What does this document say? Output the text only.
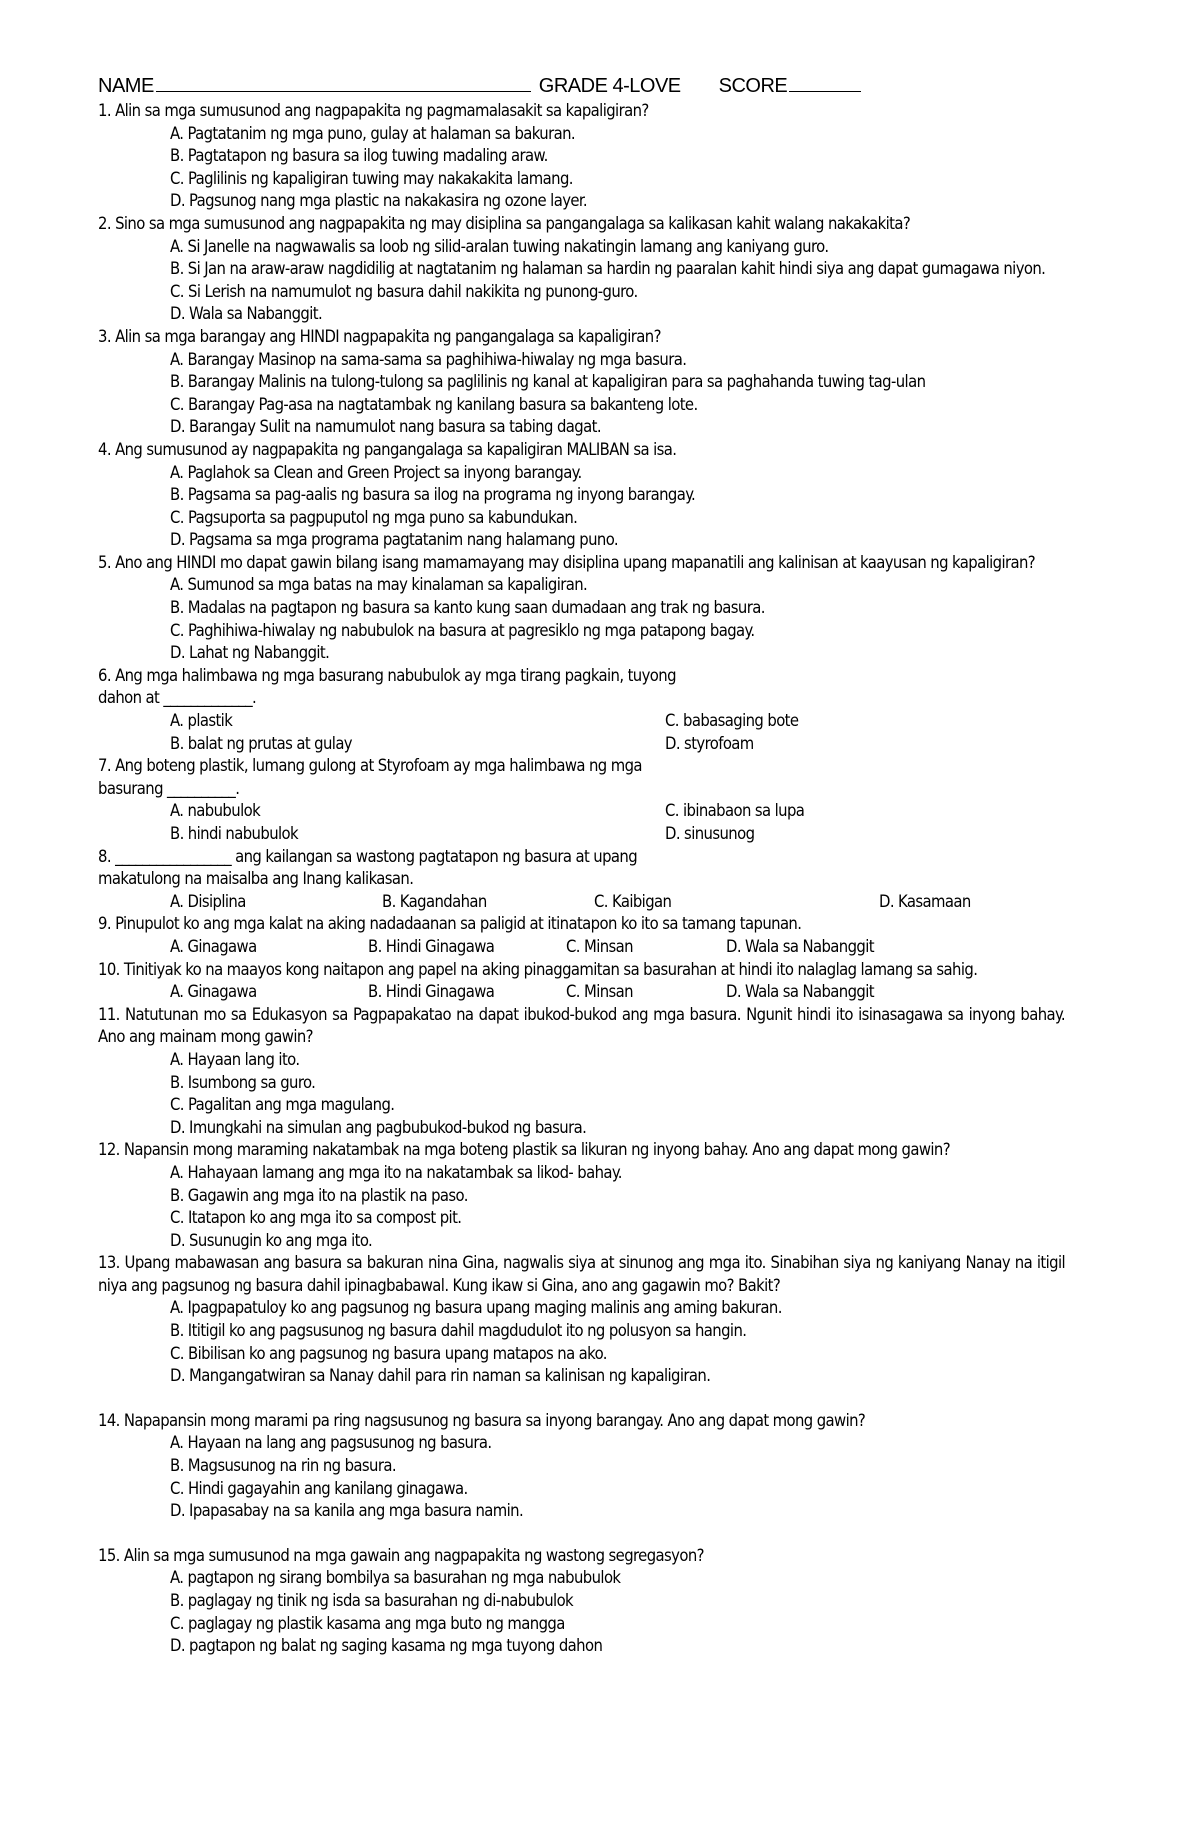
NAME	GRADE 4-LOVE SCORE
1. Alin sa mga sumusunod ang nagpapakita ng pagmamalasakit sa kapaligiran?
A. Pagtatanim ng mga puno, gulay at halaman sa bakuran.
B. Pagtatapon ng basura sa ilog tuwing madaling araw.
C. Paglilinis ng kapaligiran tuwing may nakakakita lamang.
D. Pagsunog nang mga plastic na nakakasira ng ozone layer.
2. Sino sa mga sumusunod ang nagpapakita ng may disiplina sa pangangalaga sa kalikasan kahit walang nakakakita?
A. Si Janelle na nagwawalis sa loob ng silid-aralan tuwing nakatingin lamang ang kaniyang guro.
B. Si Jan na araw-araw nagdidilig at nagtatanim ng halaman sa hardin ng paaralan kahit hindi siya ang dapat gumagawa niyon.
C. Si Lerish na namumulot ng basura dahil nakikita ng punong-guro.
D. Wala sa Nabanggit.
3. Alin sa mga barangay ang HINDI nagpapakita ng pangangalaga sa kapaligiran?
A. Barangay Masinop na sama-sama sa paghihiwa-hiwalay ng mga basura.
B. Barangay Malinis na tulong-tulong sa paglilinis ng kanal at kapaligiran para sa paghahanda tuwing tag-ulan
C. Barangay Pag-asa na nagtatambak ng kanilang basura sa bakanteng lote.
D. Barangay Sulit na namumulot nang basura sa tabing dagat.
4. Ang sumusunod ay nagpapakita ng pangangalaga sa kapaligiran MALIBAN sa isa.
A. Paglahok sa Clean and Green Project sa inyong barangay.
B. Pagsama sa pag-aalis ng basura sa ilog na programa ng inyong barangay.
C. Pagsuporta sa pagpuputol ng mga puno sa kabundukan.
D. Pagsama sa mga programa pagtatanim nang halamang puno.
5. Ano ang HINDI mo dapat gawin bilang isang mamamayang may disiplina upang mapanatili ang kalinisan at kaayusan ng kapaligiran?
A. Sumunod sa mga batas na may kinalaman sa kapaligiran.
B. Madalas na pagtapon ng basura sa kanto kung saan dumadaan ang trak ng basura.
C. Paghihiwa-hiwalay ng nabubulok na basura at pagresiklo ng mga patapong bagay.
D. Lahat ng Nabanggit.
6. Ang mga halimbawa ng mga basurang nabubulok ay mga tirang pagkain, tuyong
dahon at _____________.
A. plastik	C. babasaging bote
B. balat ng prutas at gulay	D. styrofoam
7. Ang boteng plastik, lumang gulong at Styrofoam ay mga halimbawa ng mga
basurang __________.
A. nabubulok	C. ibinabaon sa lupa
B. hindi nabubulok	D. sinusunog
8. _________________ ang kailangan sa wastong pagtatapon ng basura at upang
makatulong na maisalba ang Inang kalikasan.
A. Disiplina	B. Kagandahan	C. Kaibigan	D. Kasamaan
9. Pinupulot ko ang mga kalat na aking nadadaanan sa paligid at itinatapon ko ito sa tamang tapunan.
A. Ginagawa	B. Hindi Ginagawa	C. Minsan	D. Wala sa Nabanggit
10. Tinitiyak ko na maayos kong naitapon ang papel na aking pinaggamitan sa basurahan at hindi ito nalaglag lamang sa sahig.
A. Ginagawa	B. Hindi Ginagawa	C. Minsan	D. Wala sa Nabanggit
11. Natutunan mo sa Edukasyon sa Pagpapakatao na dapat ibukod-bukod ang mga basura. Ngunit hindi ito isinasagawa sa inyong bahay. Ano ang mainam mong gawin?
A. Hayaan lang ito.
B. Isumbong sa guro.
C. Pagalitan ang mga magulang.
D. Imungkahi na simulan ang pagbubukod-bukod ng basura.
12. Napansin mong maraming nakatambak na mga boteng plastik sa likuran ng inyong bahay. Ano ang dapat mong gawin?
A. Hahayaan lamang ang mga ito na nakatambak sa likod- bahay.
B. Gagawin ang mga ito na plastik na paso.
C. Itatapon ko ang mga ito sa compost pit.
D. Susunugin ko ang mga ito.
13. Upang mabawasan ang basura sa bakuran nina Gina, nagwalis siya at sinunog ang mga ito. Sinabihan siya ng kaniyang Nanay na itigil niya ang pagsunog ng basura dahil ipinagbabawal. Kung ikaw si Gina, ano ang gagawin mo? Bakit?
A. Ipagpapatuloy ko ang pagsunog ng basura upang maging malinis ang aming bakuran.
B. Ititigil ko ang pagsusunog ng basura dahil magdudulot ito ng polusyon sa hangin.
C. Bibilisan ko ang pagsunog ng basura upang matapos na ako.
D. Mangangatwiran sa Nanay dahil para rin naman sa kalinisan ng kapaligiran.
14. Napapansin mong marami pa ring nagsusunog ng basura sa inyong barangay. Ano ang dapat mong gawin?
A. Hayaan na lang ang pagsusunog ng basura.
B. Magsusunog na rin ng basura.
C. Hindi gagayahin ang kanilang ginagawa.
D. Ipapasabay na sa kanila ang mga basura namin.
15. Alin sa mga sumusunod na mga gawain ang nagpapakita ng wastong segregasyon?
A. pagtapon ng sirang bombilya sa basurahan ng mga nabubulok
B. paglagay ng tinik ng isda sa basurahan ng di-nabubulok
C. paglagay ng plastik kasama ang mga buto ng mangga
D. pagtapon ng balat ng saging kasama ng mga tuyong dahon
